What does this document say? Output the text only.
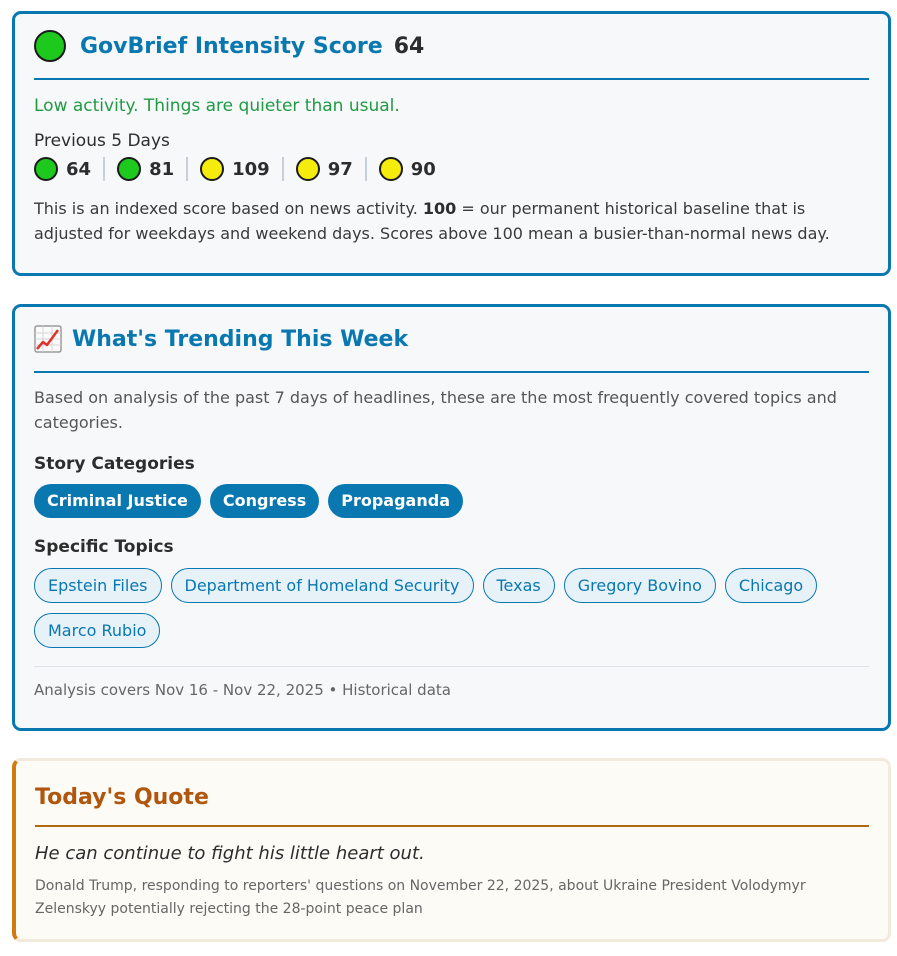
GovBrief Intensity Score 64
Low activity. Things are quieter than usual.
Previous 5 Days
64	81	109	97	90

This is an indexed score based on news activity. 100 = our permanent historical baseline that is adjusted for weekdays and weekend days. Scores above 100 mean a busier-than-normal news day.

What's Trending This Week

Based on analysis of the past 7 days of headlines, these are the most frequently covered topics and categories.

Story Categories
Criminal Justice	Congress	Propaganda
Specific Topics
Epstein Files	Department of Homeland Security	Texas	Gregory Bovino	Chicago
Marco Rubio
Analysis covers Nov 16 - Nov 22, 2025 • Historical data
Today's Quote

He can continue to fight his little heart out.

Donald Trump, responding to reporters' questions on November 22, 2025, about Ukraine President Volodymyr Zelenskyy potentially rejecting the 28-point peace plan
